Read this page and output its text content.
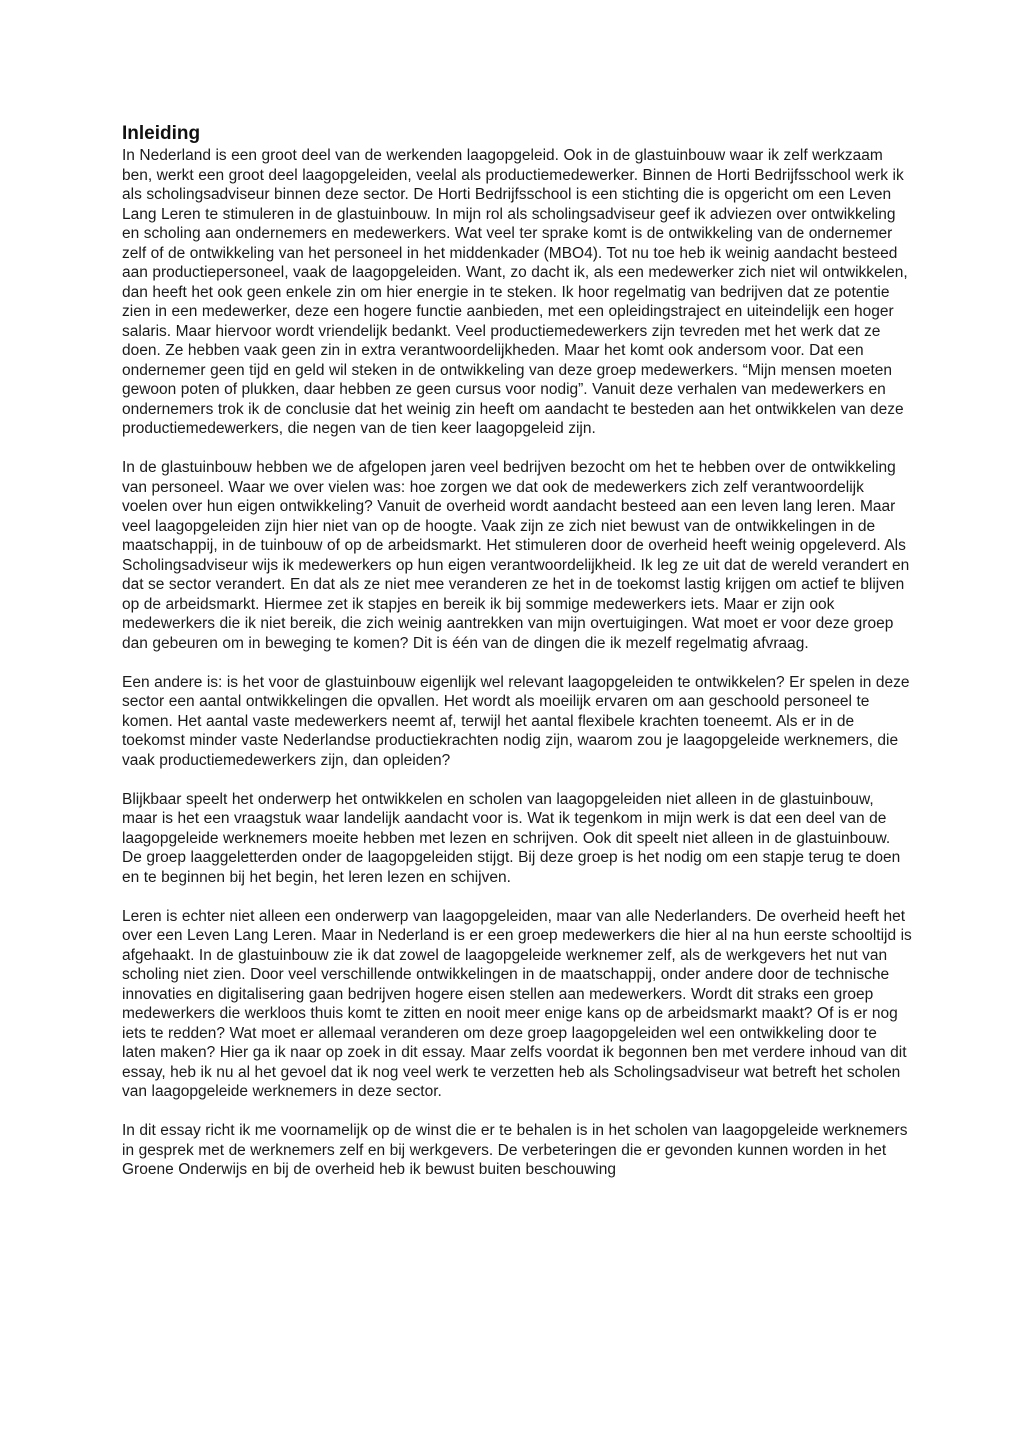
Inleiding

In Nederland is een groot deel van de werkenden laagopgeleid. Ook in de glastuinbouw waar ik zelf werkzaam ben, werkt een groot deel laagopgeleiden, veelal als productiemedewerker. Binnen de Horti Bedrijfsschool werk ik als scholingsadviseur binnen deze sector. De Horti Bedrijfsschool is een stichting die is opgericht om een Leven Lang Leren te stimuleren in de glastuinbouw. In mijn rol als scholingsadviseur geef ik adviezen over ontwikkeling en scholing aan ondernemers en medewerkers. Wat veel ter sprake komt is de ontwikkeling van de ondernemer zelf of de ontwikkeling van het personeel in het middenkader (MBO4). Tot nu toe heb ik weinig aandacht besteed aan productiepersoneel, vaak de laagopgeleiden. Want, zo dacht ik, als een medewerker zich niet wil ontwikkelen, dan heeft het ook geen enkele zin om hier energie in te steken. Ik hoor regelmatig van bedrijven dat ze potentie zien in een medewerker, deze een hogere functie aanbieden, met een opleidingstraject en uiteindelijk een hoger salaris. Maar hiervoor wordt vriendelijk bedankt. Veel productiemedewerkers zijn tevreden met het werk dat ze doen. Ze hebben vaak geen zin in extra verantwoordelijkheden. Maar het komt ook andersom voor. Dat een ondernemer geen tijd en geld wil steken in de ontwikkeling van deze groep medewerkers. “Mijn mensen moeten gewoon poten of plukken, daar hebben ze geen cursus voor nodig”. Vanuit deze verhalen van medewerkers en ondernemers trok ik de conclusie dat het weinig zin heeft om aandacht te besteden aan het ontwikkelen van deze productiemedewerkers, die negen van de tien keer laagopgeleid zijn.

In de glastuinbouw hebben we de afgelopen jaren veel bedrijven bezocht om het te hebben over de ontwikkeling van personeel. Waar we over vielen was: hoe zorgen we dat ook de medewerkers zich zelf verantwoordelijk voelen over hun eigen ontwikkeling? Vanuit de overheid wordt aandacht besteed aan een leven lang leren. Maar veel laagopgeleiden zijn hier niet van op de hoogte. Vaak zijn ze zich niet bewust van de ontwikkelingen in de maatschappij, in de tuinbouw of op de arbeidsmarkt. Het stimuleren door de overheid heeft weinig opgeleverd. Als Scholingsadviseur wijs ik medewerkers op hun eigen verantwoordelijkheid. Ik leg ze uit dat de wereld verandert en dat se sector verandert. En dat als ze niet mee veranderen ze het in de toekomst lastig krijgen om actief te blijven op de arbeidsmarkt. Hiermee zet ik stapjes en bereik ik bij sommige medewerkers iets. Maar er zijn ook medewerkers die ik niet bereik, die zich weinig aantrekken van mijn overtuigingen. Wat moet er voor deze groep dan gebeuren om in beweging te komen? Dit is één van de dingen die ik mezelf regelmatig afvraag.

Een andere is: is het voor de glastuinbouw eigenlijk wel relevant laagopgeleiden te ontwikkelen? Er spelen in deze sector een aantal ontwikkelingen die opvallen. Het wordt als moeilijk ervaren om aan geschoold personeel te komen. Het aantal vaste medewerkers neemt af, terwijl het aantal flexibele krachten toeneemt. Als er in de toekomst minder vaste Nederlandse productiekrachten nodig zijn, waarom zou je laagopgeleide werknemers, die vaak productiemedewerkers zijn, dan opleiden?

Blijkbaar speelt het onderwerp het ontwikkelen en scholen van laagopgeleiden niet alleen in de glastuinbouw, maar is het een vraagstuk waar landelijk aandacht voor is. Wat ik tegenkom in mijn werk is dat een deel van de laagopgeleide werknemers moeite hebben met lezen en schrijven. Ook dit speelt niet alleen in de glastuinbouw. De groep laaggeletterden onder de laagopgeleiden stijgt. Bij deze groep is het nodig om een stapje terug te doen en te beginnen bij het begin, het leren lezen en schijven.

Leren is echter niet alleen een onderwerp van laagopgeleiden, maar van alle Nederlanders. De overheid heeft het over een Leven Lang Leren. Maar in Nederland is er een groep medewerkers die hier al na hun eerste schooltijd is afgehaakt. In de glastuinbouw zie ik dat zowel de laagopgeleide werknemer zelf, als de werkgevers het nut van scholing niet zien. Door veel verschillende ontwikkelingen in de maatschappij, onder andere door de technische innovaties en digitalisering gaan bedrijven hogere eisen stellen aan medewerkers. Wordt dit straks een groep medewerkers die werkloos thuis komt te zitten en nooit meer enige kans op de arbeidsmarkt maakt? Of is er nog iets te redden? Wat moet er allemaal veranderen om deze groep laagopgeleiden wel een ontwikkeling door te laten maken? Hier ga ik naar op zoek in dit essay. Maar zelfs voordat ik begonnen ben met verdere inhoud van dit essay, heb ik nu al het gevoel dat ik nog veel werk te verzetten heb als Scholingsadviseur wat betreft het scholen van laagopgeleide werknemers in deze sector.

In dit essay richt ik me voornamelijk op de winst die er te behalen is in het scholen van laagopgeleide werknemers in gesprek met de werknemers zelf en bij werkgevers. De verbeteringen die er gevonden kunnen worden in het Groene Onderwijs en bij de overheid heb ik bewust buiten beschouwing
